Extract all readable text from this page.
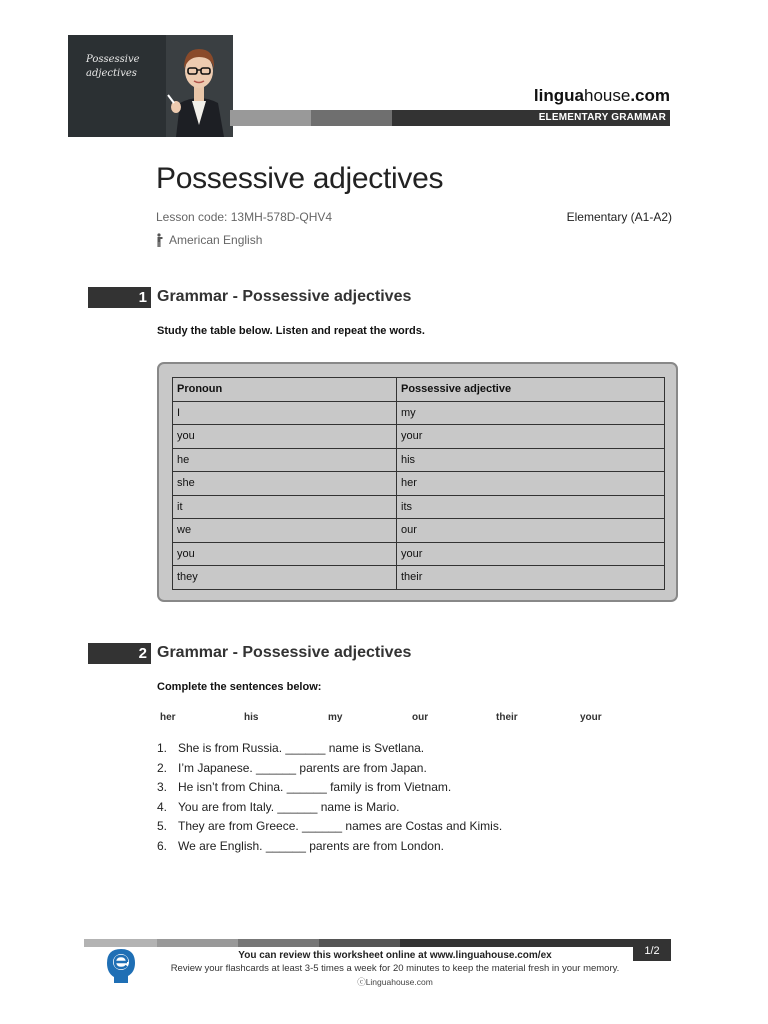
Possessive
adjectives
linguahouse.com
ELEMENTARY GRAMMAR
Possessive adjectives
Lesson code: 13MH-578D-QHV4	Elementary (A1-A2)
American English
1 Grammar - Possessive adjectives
Study the table below. Listen and repeat the words.
Pronoun	Possessive adjective
I	my
you	your
he	his
she	her
it	its
we	our
you	your
they	their
2 Grammar - Possessive adjectives
Complete the sentences below:
her	his	my	our	their	your
1. She is from Russia. ______ name is Svetlana.
2. I’m Japanese. ______ parents are from Japan.
3. He isn’t from China. ______ family is from Vietnam.
4. You are from Italy. ______ name is Mario.
5. They are from Greece. ______ names are Costas and Kimis.
6. We are English. ______ parents are from London.
1/2
You can review this worksheet online at www.linguahouse.com/ex
Review your flashcards at least 3-5 times a week for 20 minutes to keep the material fresh in your memory.
ⓒLinguahouse.com
